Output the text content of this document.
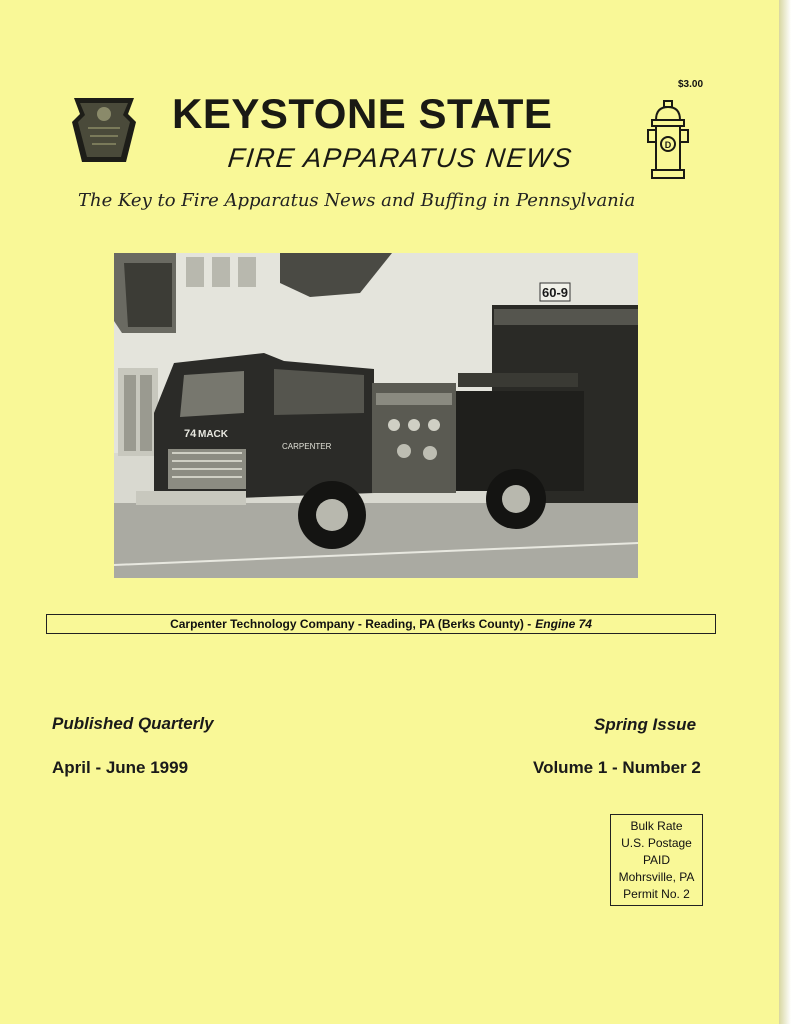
$3.00
KEYSTONE STATE
FIRE APPARATUS NEWS	D
The Key to Fire Apparatus News and Buffing in Pennsylvania
60-9
74 MACK
CARPENTER
Carpenter Technology Company - Reading, PA (Berks County) - Engine 74
Published Quarterly	Spring Issue
April - June 1999	Volume 1 - Number 2
Bulk Rate
U.S. Postage
PAID
Mohrsville, PA
Permit No. 2
